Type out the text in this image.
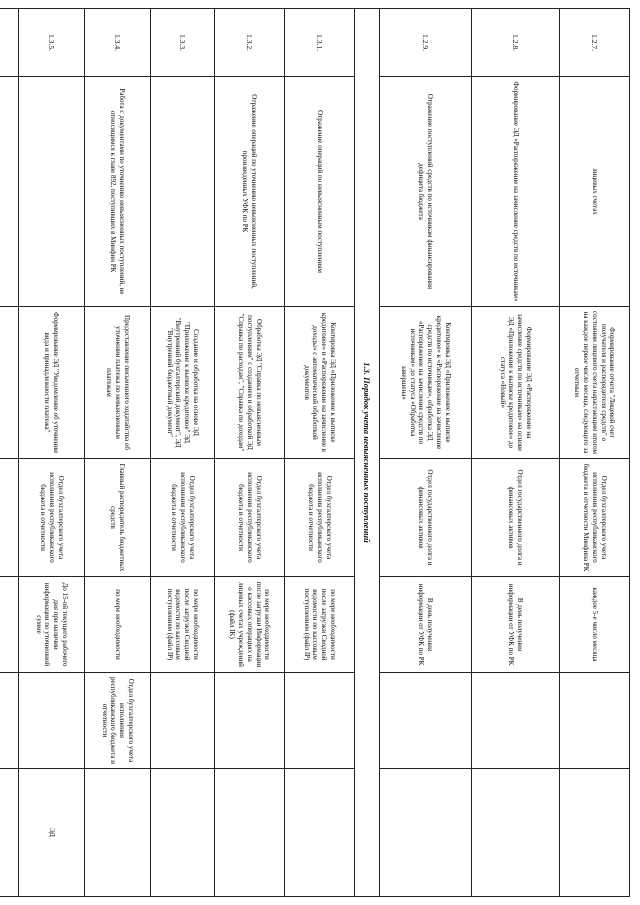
1.2.7.	лицевых счетах	Формирование отчета "Лицевой счет получателя и распорядителя средств" о состоянии лицевого счета нарастающим итогом на каждое первое число месяца, следующего за отчетным	Отдел бухгалтерского учета исполнения республиканского бюджета и отчетности Минфина РК	каждое 5-е число месяца		
1.2.8.	Формирование ЭД «Распоряжение на зачисление средств по источникам»	Формирование ЭД «Распоряжение на зачисление средств по источникам» на основе ЭД «Приложение к выписке кредитовое» до статуса «Новый»	Отдел государственного долга и финансовых активов	В день получения информации от УФК по РК		
1.2.9.	Отражение поступлений средств по источникам финансирования дефицита бюджета	Контировка ЭД «Приложение к выписке кредитовое» к «Распоряжение на зачисление средств по источникам», обработка ЭД «Распоряжение на зачисление средств по источникам» до статуса «Обработка завершена»	Отдел государственного долга и финансовых активов	В день получения информации от УФК по РК		
1.3. Порядок учета невыясненных поступлений						
1.3.1.	Отражение операций по невыясненным поступлениям	Контировка ЭД «Приложение к выписке кредитовое» и «Распоряжение на зачисление в доходы» с автоматической обработкой документов	Отдел бухгалтерского учета исполнения республиканского бюджета и отчетности	по мере необходимости после загрузки Сводной ведомости по кассовым поступлениям (файл IP)		
1.3.2.	Отражение операций по уточнению невыясненных поступлений, произведенных УФК по РК	Обработка ЭД "Справка по невыясненным поступлениям" с созданием и обработкой ЭД "Справка по расходам", "Справка по доходам"	Отдел бухгалтерского учета исполнения республиканского бюджета и отчетности	по мере необходимости после загрузки Информации о кассовых операциях на лицевых счетах учреждений (файл IK)		
1.3.3.		Создание и обработка на основе ЭД "Приложение к выписке кредитовое" ЭД "Внутренний бухгалтерский документ", ЭД "Внутренний бюджетный документ"	Отдел бухгалтерского учета исполнения республиканского бюджета и отчетности	по мере необходимости после загрузки Сводной ведомости по кассовым поступлениям (файл IP)		
1.3.4.	Работа с документами по уточнению невыясненных поступлений, не относящимся к главе 892, поступивших в Минфин РК	Предоставление письменного ходатайства об уточнении платежа по невыясненным платежам	Главный распорядитель бюджетных средств	по мере необходимости	Отдел бухгалтерского учета исполнения республиканского бюджета и отчетности	
1.3.5.		Формирование ЭД "Уведомление об уточнении вида и принадлежности платежа"	Отдел бухгалтерского учета исполнения республиканского бюджета и отчетности	До 15-ой текущего рабочего дня при наличии информации по уточненной сумме		ЭД
